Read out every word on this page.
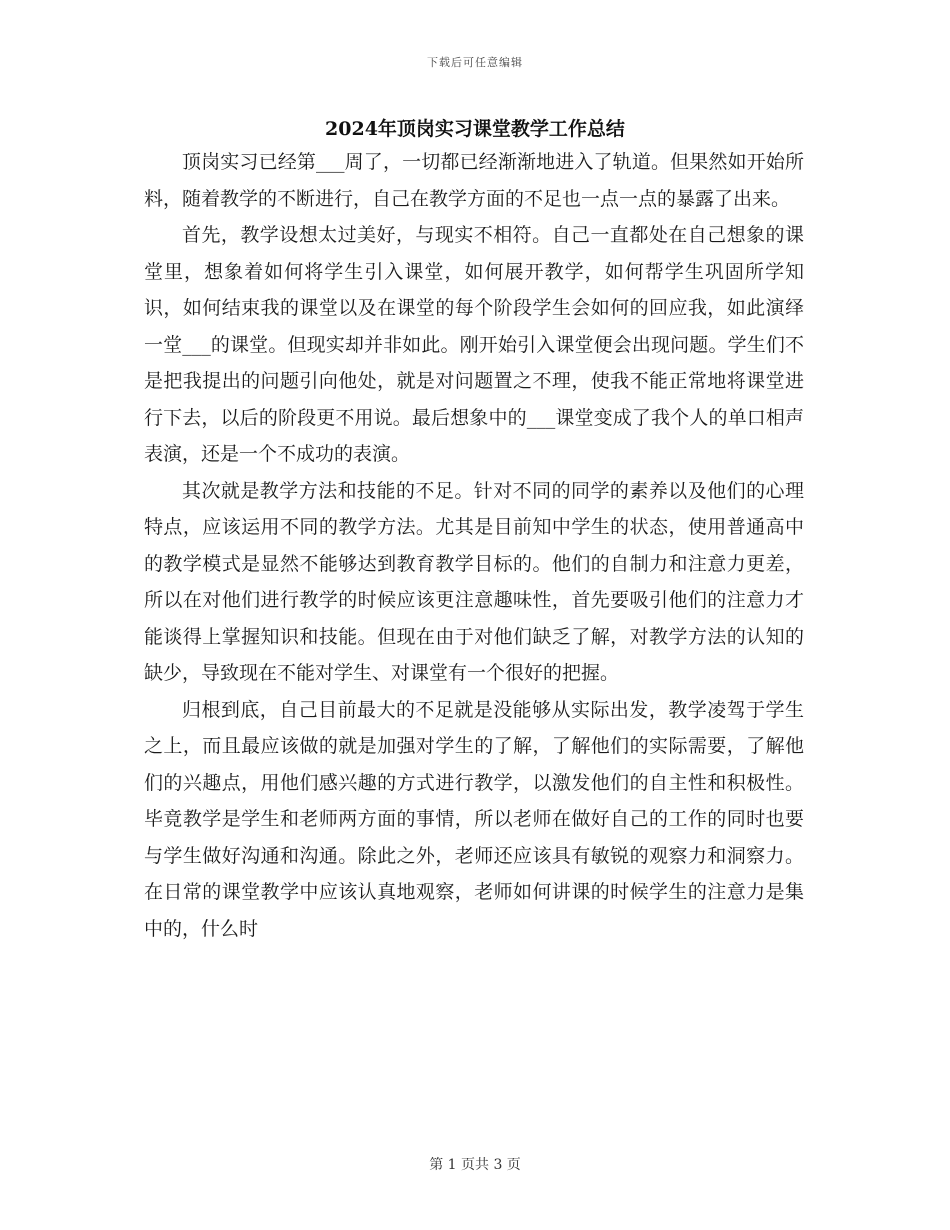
下载后可任意编辑
2024年顶岗实习课堂教学工作总结

顶岗实习已经第___周了，一切都已经渐渐地进入了轨道。但果然如开始所料，随着教学的不断进行，自己在教学方面的不足也一点一点的暴露了出来。

首先，教学设想太过美好，与现实不相符。自己一直都处在自己想象的课堂里，想象着如何将学生引入课堂，如何展开教学，如何帮学生巩固所学知识，如何结束我的课堂以及在课堂的每个阶段学生会如何的回应我，如此演绎一堂___的课堂。但现实却并非如此。刚开始引入课堂便会出现问题。学生们不是把我提出的问题引向他处，就是对问题置之不理，使我不能正常地将课堂进行下去，以后的阶段更不用说。最后想象中的___课堂变成了我个人的单口相声表演，还是一个不成功的表演。

其次就是教学方法和技能的不足。针对不同的同学的素养以及他们的心理特点，应该运用不同的教学方法。尤其是目前知中学生的状态，使用普通高中的教学模式是显然不能够达到教育教学目标的。他们的自制力和注意力更差，所以在对他们进行教学的时候应该更注意趣味性，首先要吸引他们的注意力才能谈得上掌握知识和技能。但现在由于对他们缺乏了解，对教学方法的认知的缺少，导致现在不能对学生、对课堂有一个很好的把握。

归根到底，自己目前最大的不足就是没能够从实际出发，教学凌驾于学生之上，而且最应该做的就是加强对学生的了解，了解他们的实际需要，了解他们的兴趣点，用他们感兴趣的方式进行教学，以激发他们的自主性和积极性。毕竟教学是学生和老师两方面的事情，所以老师在做好自己的工作的同时也要与学生做好沟通和沟通。除此之外，老师还应该具有敏锐的观察力和洞察力。在日常的课堂教学中应该认真地观察，老师如何讲课的时候学生的注意力是集中的，什么时

第 1 页共 3 页
